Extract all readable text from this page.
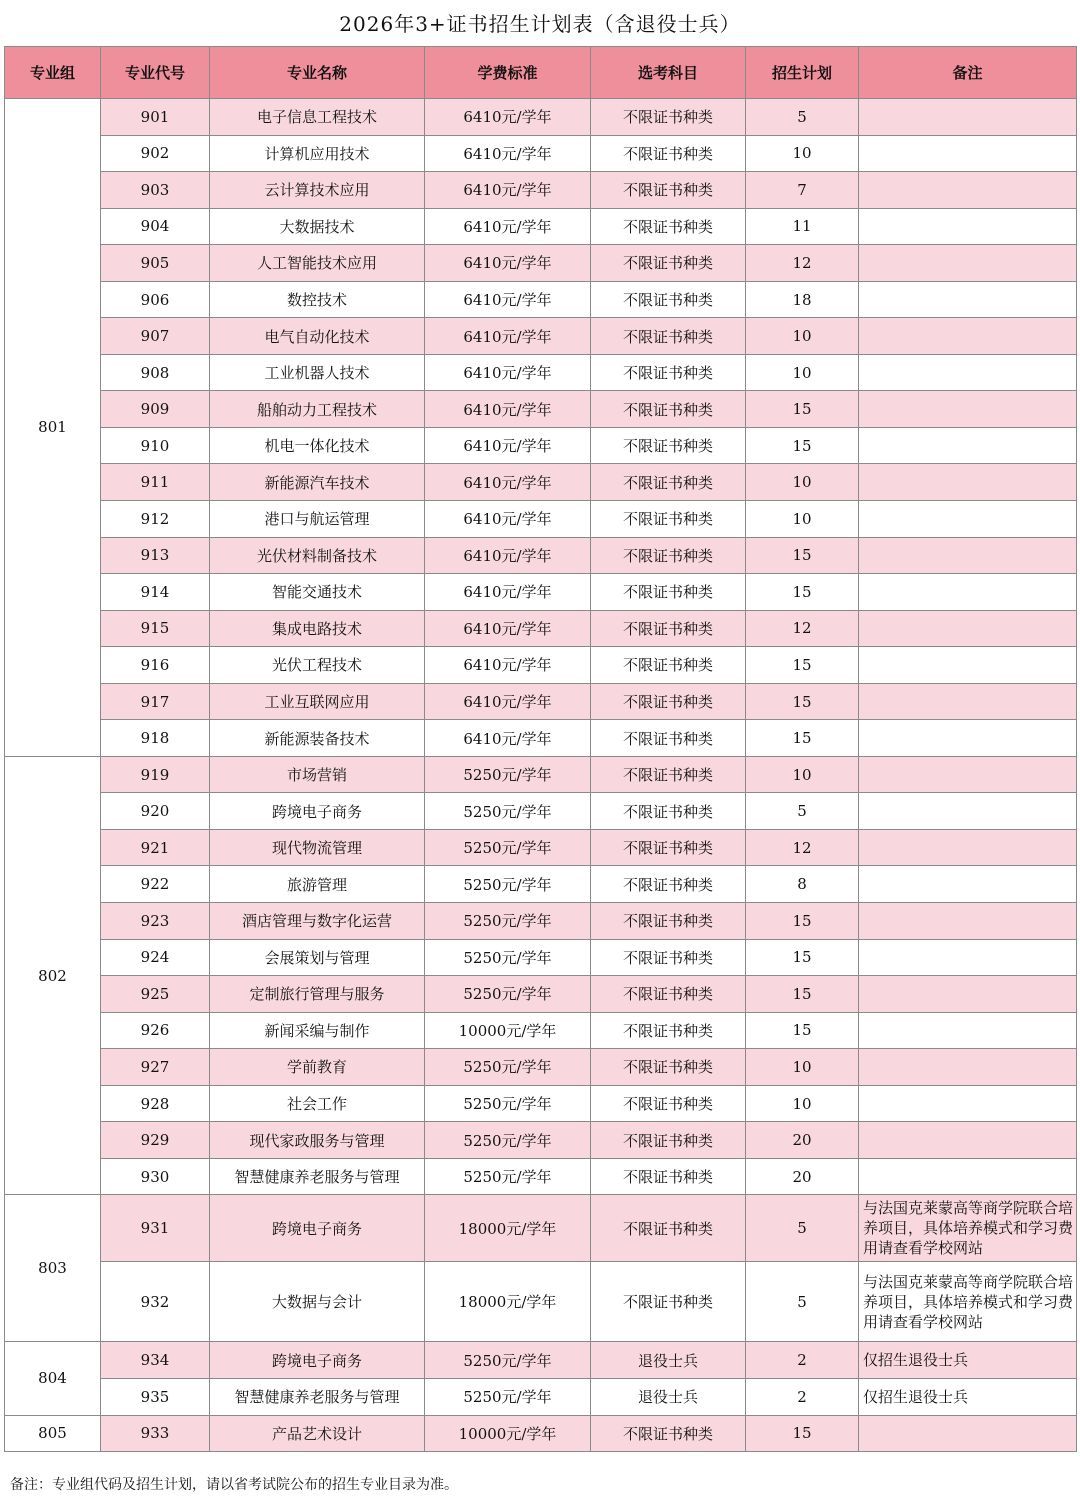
2026年3+证书招生计划表（含退役士兵）
专业组	专业代号	专业名称	学费标准	选考科目	招生计划	备注
801	901	电子信息工程技术	6410元/学年	不限证书种类	5	
	902	计算机应用技术	6410元/学年	不限证书种类	10	
	903	云计算技术应用	6410元/学年	不限证书种类	7	
	904	大数据技术	6410元/学年	不限证书种类	11	
	905	人工智能技术应用	6410元/学年	不限证书种类	12	
	906	数控技术	6410元/学年	不限证书种类	18	
	907	电气自动化技术	6410元/学年	不限证书种类	10	
	908	工业机器人技术	6410元/学年	不限证书种类	10	
	909	船舶动力工程技术	6410元/学年	不限证书种类	15	
	910	机电一体化技术	6410元/学年	不限证书种类	15	
	911	新能源汽车技术	6410元/学年	不限证书种类	10	
	912	港口与航运管理	6410元/学年	不限证书种类	10	
	913	光伏材料制备技术	6410元/学年	不限证书种类	15	
	914	智能交通技术	6410元/学年	不限证书种类	15	
	915	集成电路技术	6410元/学年	不限证书种类	12	
	916	光伏工程技术	6410元/学年	不限证书种类	15	
	917	工业互联网应用	6410元/学年	不限证书种类	15	
	918	新能源装备技术	6410元/学年	不限证书种类	15	
802	919	市场营销	5250元/学年	不限证书种类	10	
	920	跨境电子商务	5250元/学年	不限证书种类	5	
	921	现代物流管理	5250元/学年	不限证书种类	12	
	922	旅游管理	5250元/学年	不限证书种类	8	
	923	酒店管理与数字化运营	5250元/学年	不限证书种类	15	
	924	会展策划与管理	5250元/学年	不限证书种类	15	
	925	定制旅行管理与服务	5250元/学年	不限证书种类	15	
	926	新闻采编与制作	10000元/学年	不限证书种类	15	
	927	学前教育	5250元/学年	不限证书种类	10	
	928	社会工作	5250元/学年	不限证书种类	10	
	929	现代家政服务与管理	5250元/学年	不限证书种类	20	
	930	智慧健康养老服务与管理	5250元/学年	不限证书种类	20	
803	931	跨境电子商务	18000元/学年	不限证书种类	5	与法国克莱蒙高等商学院联合培养项目，具体培养模式和学习费用请查看学校网站
	932	大数据与会计	18000元/学年	不限证书种类	5	与法国克莱蒙高等商学院联合培养项目，具体培养模式和学习费用请查看学校网站
804	934	跨境电子商务	5250元/学年	退役士兵	2	仅招生退役士兵
	935	智慧健康养老服务与管理	5250元/学年	退役士兵	2	仅招生退役士兵
805	933	产品艺术设计	10000元/学年	不限证书种类	15	
备注：专业组代码及招生计划，请以省考试院公布的招生专业目录为准。
